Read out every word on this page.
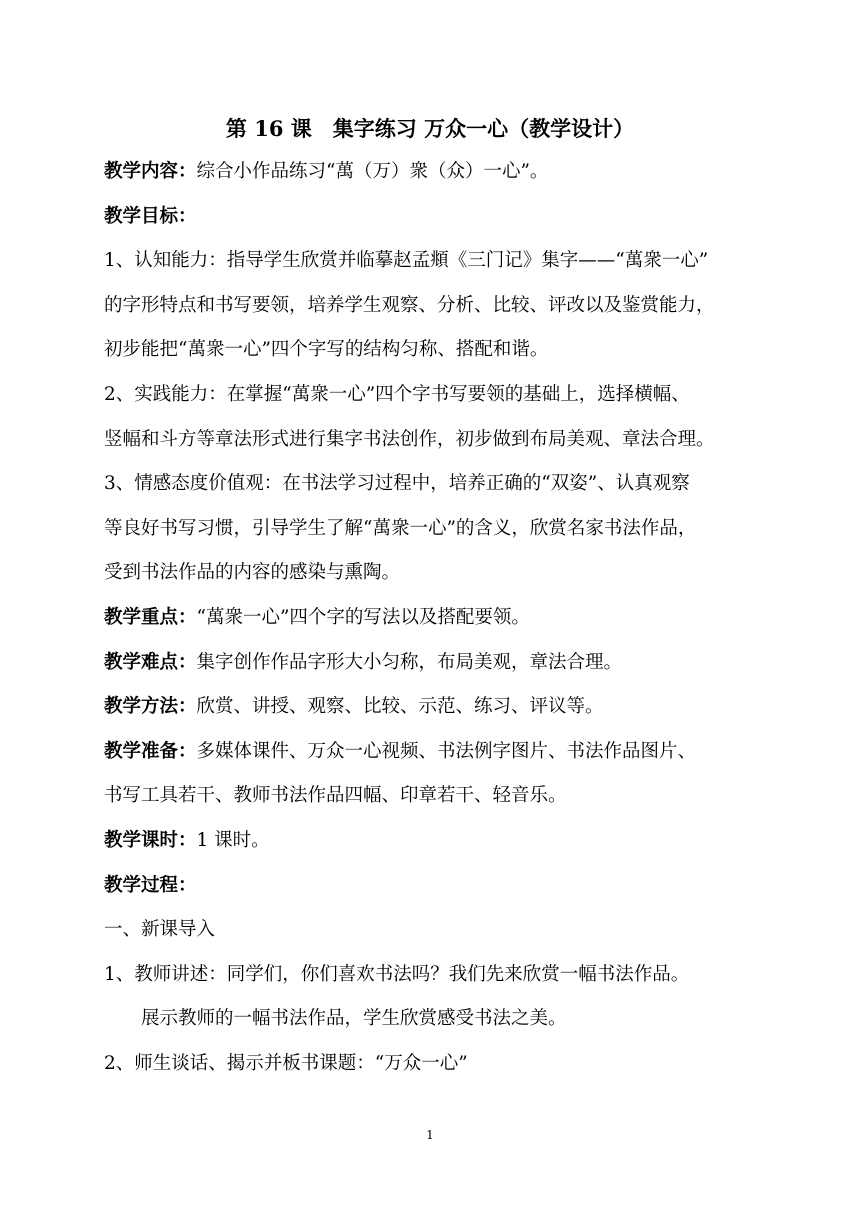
第 16 课　集字练习 万众一心（教学设计）
教学内容：综合小作品练习“萬（万）衆（众）一心”。
教学目标：
1、认知能力：指导学生欣赏并临摹赵孟頫《三门记》集字——“萬衆一心”
的字形特点和书写要领，培养学生观察、分析、比较、评改以及鉴赏能力，
初步能把“萬衆一心”四个字写的结构匀称、搭配和谐。
2、实践能力：在掌握“萬衆一心”四个字书写要领的基础上，选择横幅、
竖幅和斗方等章法形式进行集字书法创作，初步做到布局美观、章法合理。
3、情感态度价值观：在书法学习过程中，培养正确的“双姿”、认真观察
等良好书写习惯，引导学生了解“萬衆一心”的含义，欣赏名家书法作品，
受到书法作品的内容的感染与熏陶。
教学重点：“萬衆一心”四个字的写法以及搭配要领。
教学难点：集字创作作品字形大小匀称，布局美观，章法合理。
教学方法：欣赏、讲授、观察、比较、示范、练习、评议等。
教学准备：多媒体课件、万众一心视频、书法例字图片、书法作品图片、
书写工具若干、教师书法作品四幅、印章若干、轻音乐。
教学课时：1 课时。
教学过程：
一、新课导入
1、教师讲述：同学们，你们喜欢书法吗？我们先来欣赏一幅书法作品。
展示教师的一幅书法作品，学生欣赏感受书法之美。
2、师生谈话、揭示并板书课题：“万众一心”
1
